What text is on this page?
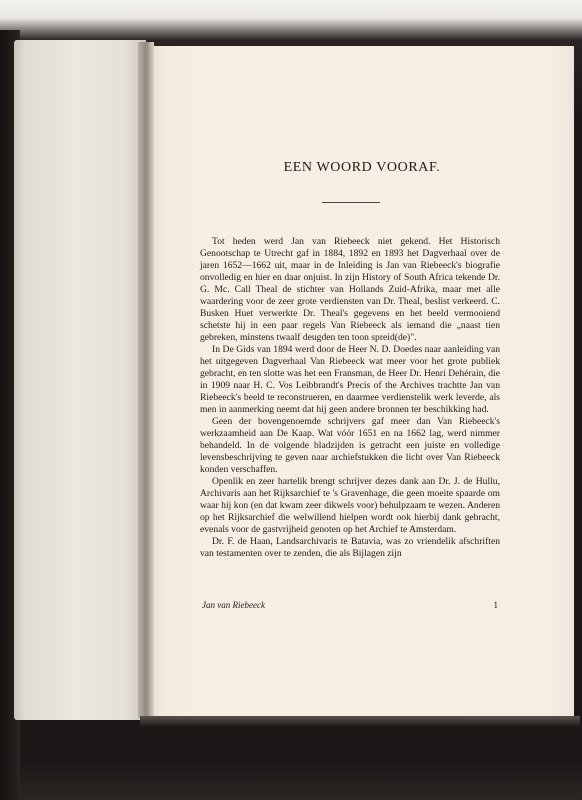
EEN WOORD VOORAF.

Tot heden werd Jan van Riebeeck niet gekend. Het Historisch Genootschap te Utrecht gaf in 1884, 1892 en 1893 het Dagverhaal over de jaren 1652—1662 uit, maar in de Inleiding is Jan van Riebeeck's biografie onvolledig en hier en daar onjuist. In zijn History of South Africa tekende Dr. G. Mc. Call Theal de stichter van Hollands Zuid-Afrika, maar met alle waardering voor de zeer grote verdiensten van Dr. Theal, beslist verkeerd. C. Busken Huet verwerkte Dr. Theal's gegevens en het beeld vermooiend schetste hij in een paar regels Van Riebeeck als iemand die „naast tien gebreken, minstens twaalf deugden ten toon spreid(de)".

In De Gids van 1894 werd door de Heer N. D. Doedes naar aanleiding van het uitgegeven Dagverhaal Van Riebeeck wat meer voor het grote publiek gebracht, en ten slotte was het een Fransman, de Heer Dr. Henri Dehérain, die in 1909 naar H. C. Vos Leibbrandt's Precis of the Archives trachtte Jan van Riebeeck's beeld te reconstrueren, en daarmee verdienstelik werk leverde, als men in aanmerking neemt dat hij geen andere bronnen ter beschikking had.

Geen der bovengenoemde schrijvers gaf meer dan Van Riebeeck's werkzaamheid aan De Kaap. Wat vóór 1651 en na 1662 lag, werd nimmer behandeld. In de volgende bladzijden is getracht een juiste en volledige levensbeschrijving te geven naar archiefstukken die licht over Van Riebeeck konden verschaffen.

Openlik en zeer hartelik brengt schrijver dezes dank aan Dr. J. de Hullu, Archivaris aan het Rijksarchief te 's Gravenhage, die geen moeite spaarde om waar hij kon (en dat kwam zeer dikwels voor) behulpzaam te wezen. Anderen op het Rijksarchief die welwillend hielpen wordt ook hierbij dank gebracht, evenals voor de gastvrijheid genoten op het Archief te Amsterdam.

Dr. F. de Haan, Landsarchivaris te Batavia, was zo vriendelik afschriften van testamenten over te zenden, die als Bijlagen zijn

Jan van Riebeeck	1
